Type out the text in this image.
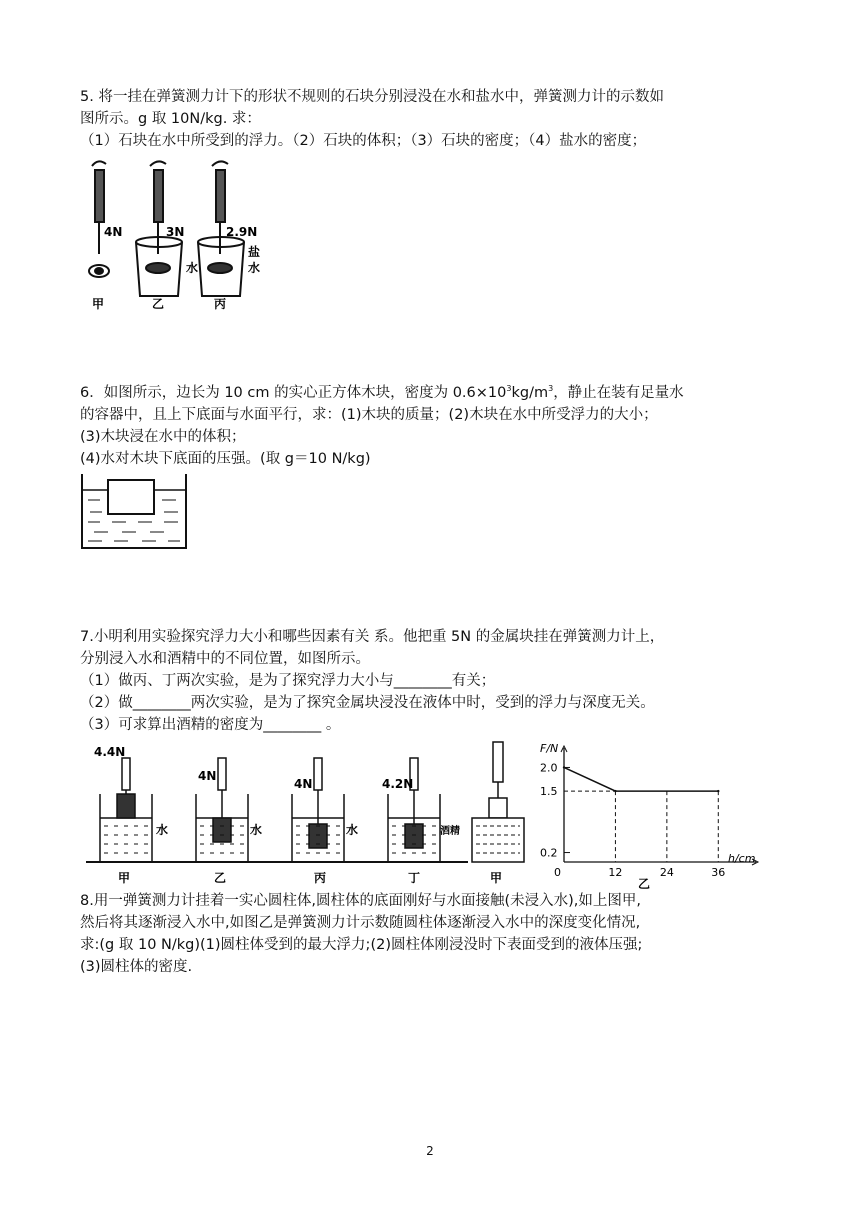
5. 将一挂在弹簧测力计下的形状不规则的石块分别浸没在水和盐水中，弹簧测力计的示数如

图所示。g 取 10N/kg. 求：

（1）石块在水中所受到的浮力。（2）石块的体积；（3）石块的密度；（4）盐水的密度；

4N	3N	2.9N
水
盐
水
甲	乙	丙

6．如图所示，边长为 10 cm 的实心正方体木块，密度为 $0.6\times 10^3kg/m^3$，静止在装有足量水

的容器中，且上下底面与水面平行，求：(1)木块的质量；(2)木块在水中所受浮力的大小；

(3)木块浸在水中的体积；

(4)水对木块下底面的压强。(取 g＝10 N/kg)

7.小明利用实验探究浮力大小和哪些因素有关 系。他把重 5N 的金属块挂在弹簧测力计上，

分别浸入水和酒精中的不同位置，如图所示。

（1）做丙、丁两次实验，是为了探究浮力大小与________有关；

（2）做________两次实验，是为了探究金属块浸没在液体中时，受到的浮力与深度无关。

（3）可求算出酒精的密度为________ 。

4.4N
4N
4N	4.2N
水	水	水	酒精
甲	乙	丙	丁	甲	0	12	24	36
0.2
1.5
2.0
F/N
h/cm
乙

8.用一弹簧测力计挂着一实心圆柱体,圆柱体的底面刚好与水面接触(未浸入水),如上图甲,

然后将其逐渐浸入水中,如图乙是弹簧测力计示数随圆柱体逐渐浸入水中的深度变化情况,

求:(g 取 10 N/kg)(1)圆柱体受到的最大浮力;(2)圆柱体刚浸没时下表面受到的液体压强;

(3)圆柱体的密度.

2
